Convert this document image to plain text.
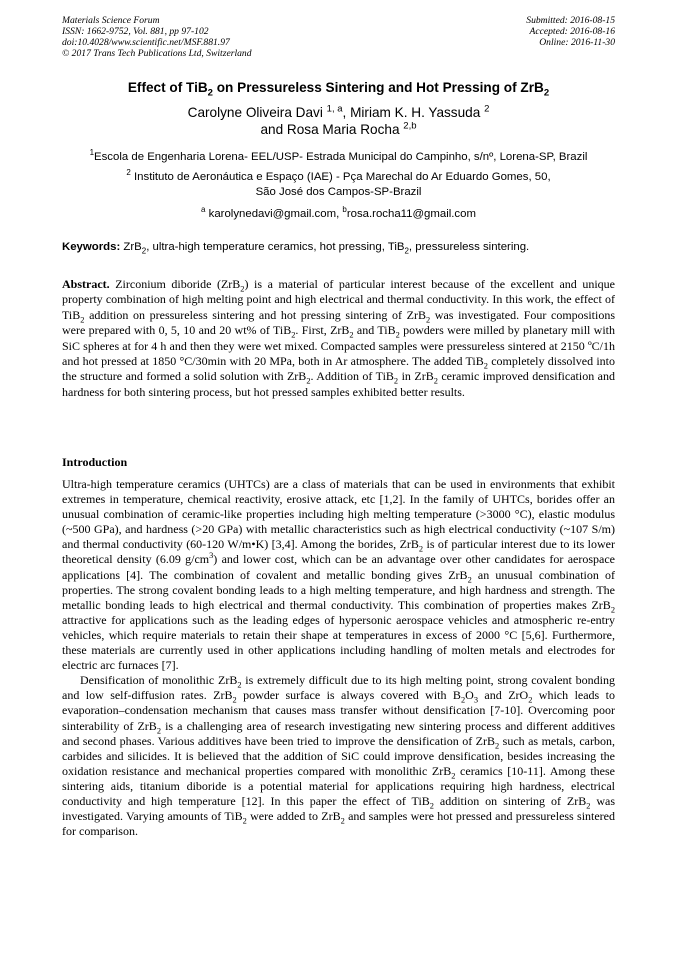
Materials Science Forum
ISSN: 1662-9752, Vol. 881, pp 97-102
doi:10.4028/www.scientific.net/MSF.881.97
© 2017 Trans Tech Publications Ltd, Switzerland
Submitted: 2016-08-15
Accepted: 2016-08-16
Online: 2016-11-30
Effect of TiB$_2$ on Pressureless Sintering and Hot Pressing of ZrB$_2$
Carolyne Oliveira Davi $^{1, a}$, Miriam K. H. Yassuda $^2$
and Rosa Maria Rocha $^{2,b}$
$^1$Escola de Engenharia Lorena- EEL/USP- Estrada Municipal do Campinho, s/nº, Lorena-SP, Brazil
$^2$ Instituto de Aeronáutica e Espaço (IAE) - Pça Marechal do Ar Eduardo Gomes, 50,
São José dos Campos-SP-Brazil
$^a$ karolynedavi@gmail.com, $^b$rosa.rocha11@gmail.com
Keywords: ZrB$_2$, ultra-high temperature ceramics, hot pressing, TiB$_2$, pressureless sintering.
Abstract. Zirconium diboride (ZrB$_2$) is a material of particular interest because of the excellent and unique property combination of high melting point and high electrical and thermal conductivity. In this work, the effect of TiB$_2$ addition on pressureless sintering and hot pressing sintering of ZrB$_2$ was investigated. Four compositions were prepared with 0, 5, 10 and 20 wt% of TiB$_2$. First, ZrB$_2$ and TiB$_2$ powders were milled by planetary mill with SiC spheres at for 4 h and then they were wet mixed. Compacted samples were pressureless sintered at 2150 ºC/1h and hot pressed at 1850 °C/30min with 20 MPa, both in Ar atmosphere. The added TiB$_2$ completely dissolved into the structure and formed a solid solution with ZrB$_2$. Addition of TiB$_2$ in ZrB$_2$ ceramic improved densification and hardness for both sintering process, but hot pressed samples exhibited better results.
Introduction

Ultra-high temperature ceramics (UHTCs) are a class of materials that can be used in environments that exhibit extremes in temperature, chemical reactivity, erosive attack, etc [1,2]. In the family of UHTCs, borides offer an unusual combination of ceramic-like properties including high melting temperature (>3000 °C), elastic modulus (~500 GPa), and hardness (>20 GPa) with metallic characteristics such as high electrical conductivity (~107 S/m) and thermal conductivity (60-120 W/m•K) [3,4]. Among the borides, ZrB$_2$ is of particular interest due to its lower theoretical density (6.09 $g/cm^3$) and lower cost, which can be an advantage over other candidates for aerospace applications [4]. The combination of covalent and metallic bonding gives ZrB$_2$ an unusual combination of properties. The strong covalent bonding leads to a high melting temperature, and high hardness and strength. The metallic bonding leads to high electrical and thermal conductivity. This combination of properties makes ZrB$_2$ attractive for applications such as the leading edges of hypersonic aerospace vehicles and atmospheric re-entry vehicles, which require materials to retain their shape at temperatures in excess of 2000 °C [5,6]. Furthermore, these materials are currently used in other applications including handling of molten metals and electrodes for electric arc furnaces [7].

Densification of monolithic ZrB$_2$ is extremely difficult due to its high melting point, strong covalent bonding and low self-diffusion rates. ZrB$_2$ powder surface is always covered with $B_2O_3$ and ZrO$_2$ which leads to evaporation–condensation mechanism that causes mass transfer without densification [7-10]. Overcoming poor sinterability of ZrB$_2$ is a challenging area of research investigating new sintering process and different additives and second phases. Various additives have been tried to improve the densification of ZrB$_2$ such as metals, carbon, carbides and silicides. It is believed that the addition of SiC could improve densification, besides increasing the oxidation resistance and mechanical properties compared with monolithic ZrB$_2$ ceramics [10-11]. Among these sintering aids, titanium diboride is a potential material for applications requiring high hardness, electrical conductivity and high temperature [12]. In this paper the effect of TiB$_2$ addition on sintering of ZrB$_2$ was investigated. Varying amounts of TiB$_2$ were added to ZrB$_2$ and samples were hot pressed and pressureless sintered for comparison.
